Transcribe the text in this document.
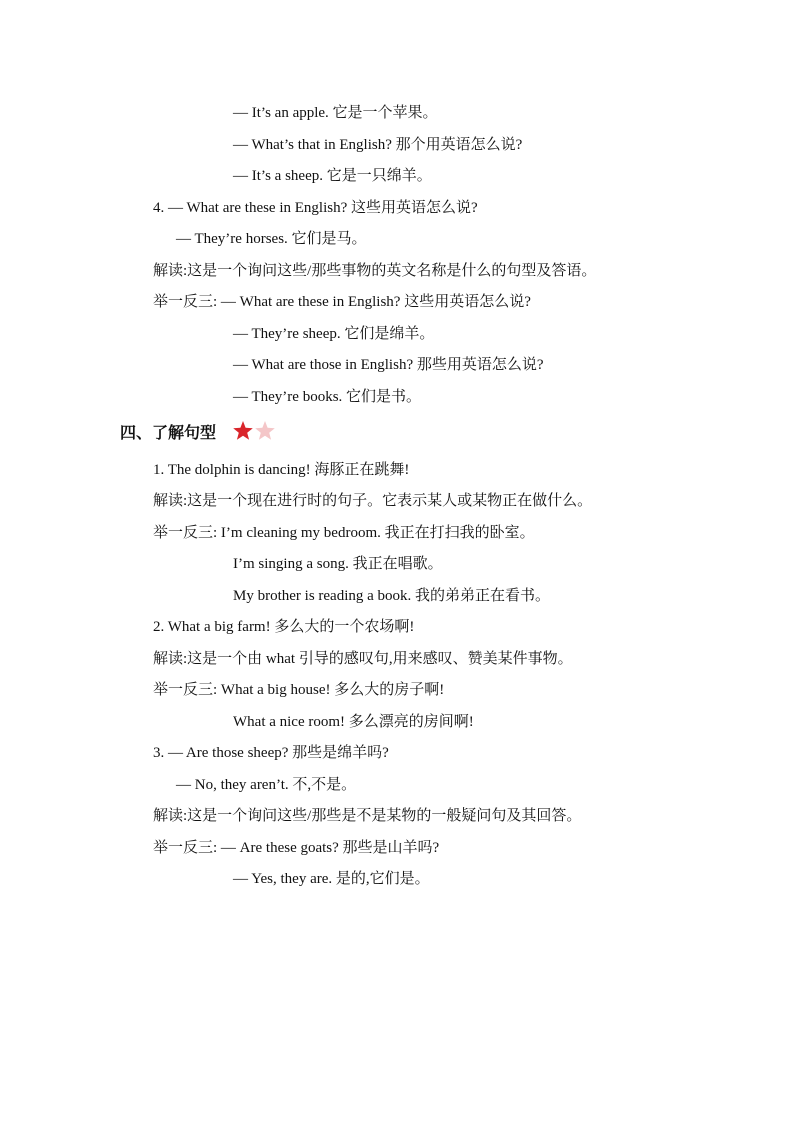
— It’s an apple. 它是一个苹果。
— What’s that in English? 那个用英语怎么说?
— It’s a sheep. 它是一只绵羊。
4. — What are these in English? 这些用英语怎么说?
— They’re horses. 它们是马。
解读:这是一个询问这些/那些事物的英文名称是什么的句型及答语。
举一反三: — What are these in English? 这些用英语怎么说?
— They’re sheep. 它们是绵羊。
— What are those in English? 那些用英语怎么说?
— They’re books. 它们是书。
四、了解句型
1. The dolphin is dancing! 海豚正在跳舞!
解读:这是一个现在进行时的句子。它表示某人或某物正在做什么。
举一反三: I’m cleaning my bedroom. 我正在打扫我的卧室。
I’m singing a song. 我正在唱歌。
My brother is reading a book. 我的弟弟正在看书。
2. What a big farm! 多么大的一个农场啊!
解读:这是一个由 what 引导的感叹句,用来感叹、赞美某件事物。
举一反三: What a big house! 多么大的房子啊!
What a nice room! 多么漂亮的房间啊!
3. — Are those sheep? 那些是绵羊吗?
— No, they aren’t. 不,不是。
解读:这是一个询问这些/那些是不是某物的一般疑问句及其回答。
举一反三: — Are these goats? 那些是山羊吗?
— Yes, they are. 是的,它们是。
